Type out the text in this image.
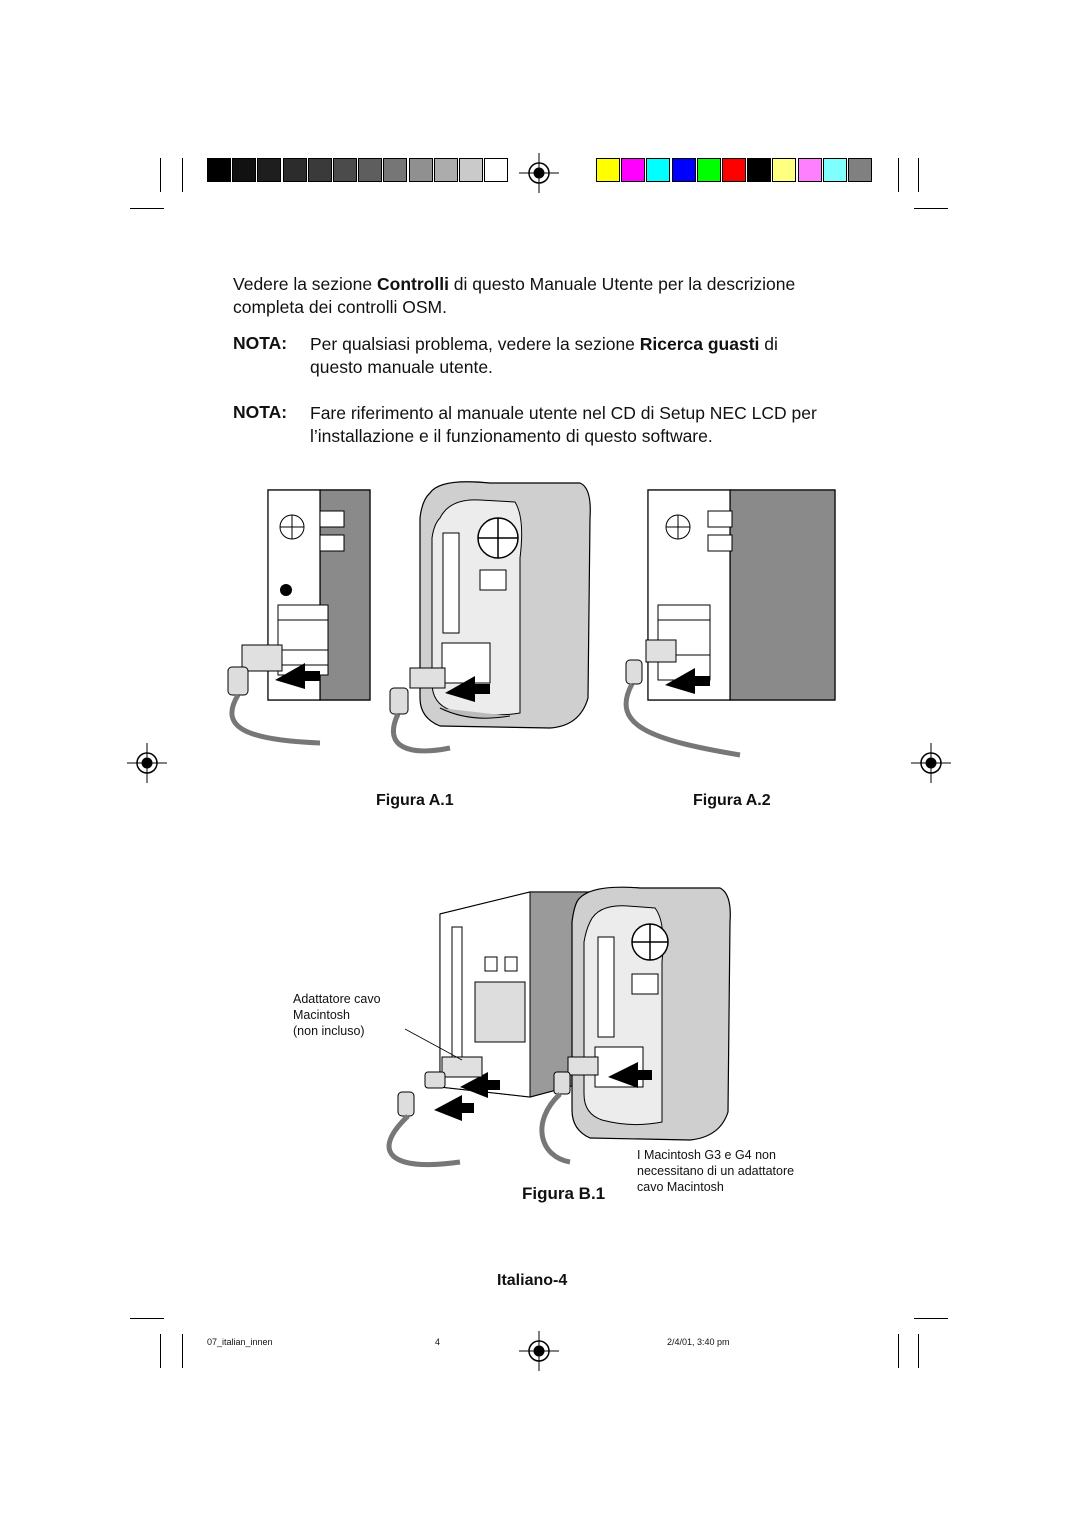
Vedere la sezione Controlli di questo Manuale Utente per la descrizione
completa dei controlli OSM.
NOTA: Per qualsiasi problema, vedere la sezione Ricerca guasti di
questo manuale utente.
NOTA: Fare riferimento al manuale utente nel CD di Setup NEC LCD per
l’installazione e il funzionamento di questo software.
Figura A.1	Figura A.2
Adattatore cavo
Macintosh
(non incluso)
I Macintosh G3 e G4 non
necessitano di un adattatore
cavo Macintosh
Figura B.1
Italiano-4
07_italian_innen	4	2/4/01, 3:40 pm
